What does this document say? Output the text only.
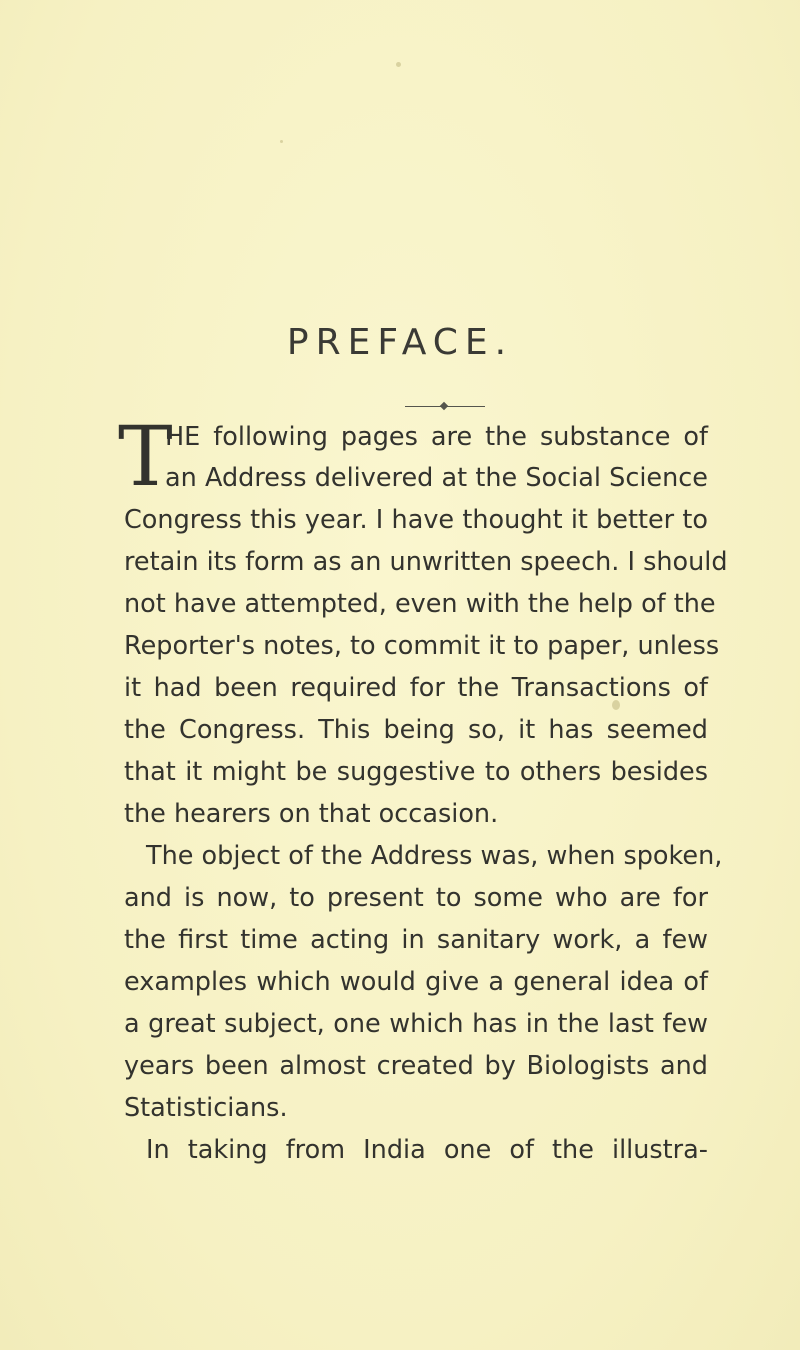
PREFACE.
T
HE following pages are the substance of
an Address delivered at the Social Science
Congress this year. I have thought it better to
retain its form as an unwritten speech. I should
not have attempted, even with the help of the
Reporter's notes, to commit it to paper, unless
it had been required for the Transactions of
the Congress. This being so, it has seemed
that it might be suggestive to others besides
the hearers on that occasion.
The object of the Address was, when spoken,
and is now, to present to some who are for
the first time acting in sanitary work, a few
examples which would give a general idea of
a great subject, one which has in the last few
years been almost created by Biologists and
Statisticians.
In taking from India one of the illustra-
